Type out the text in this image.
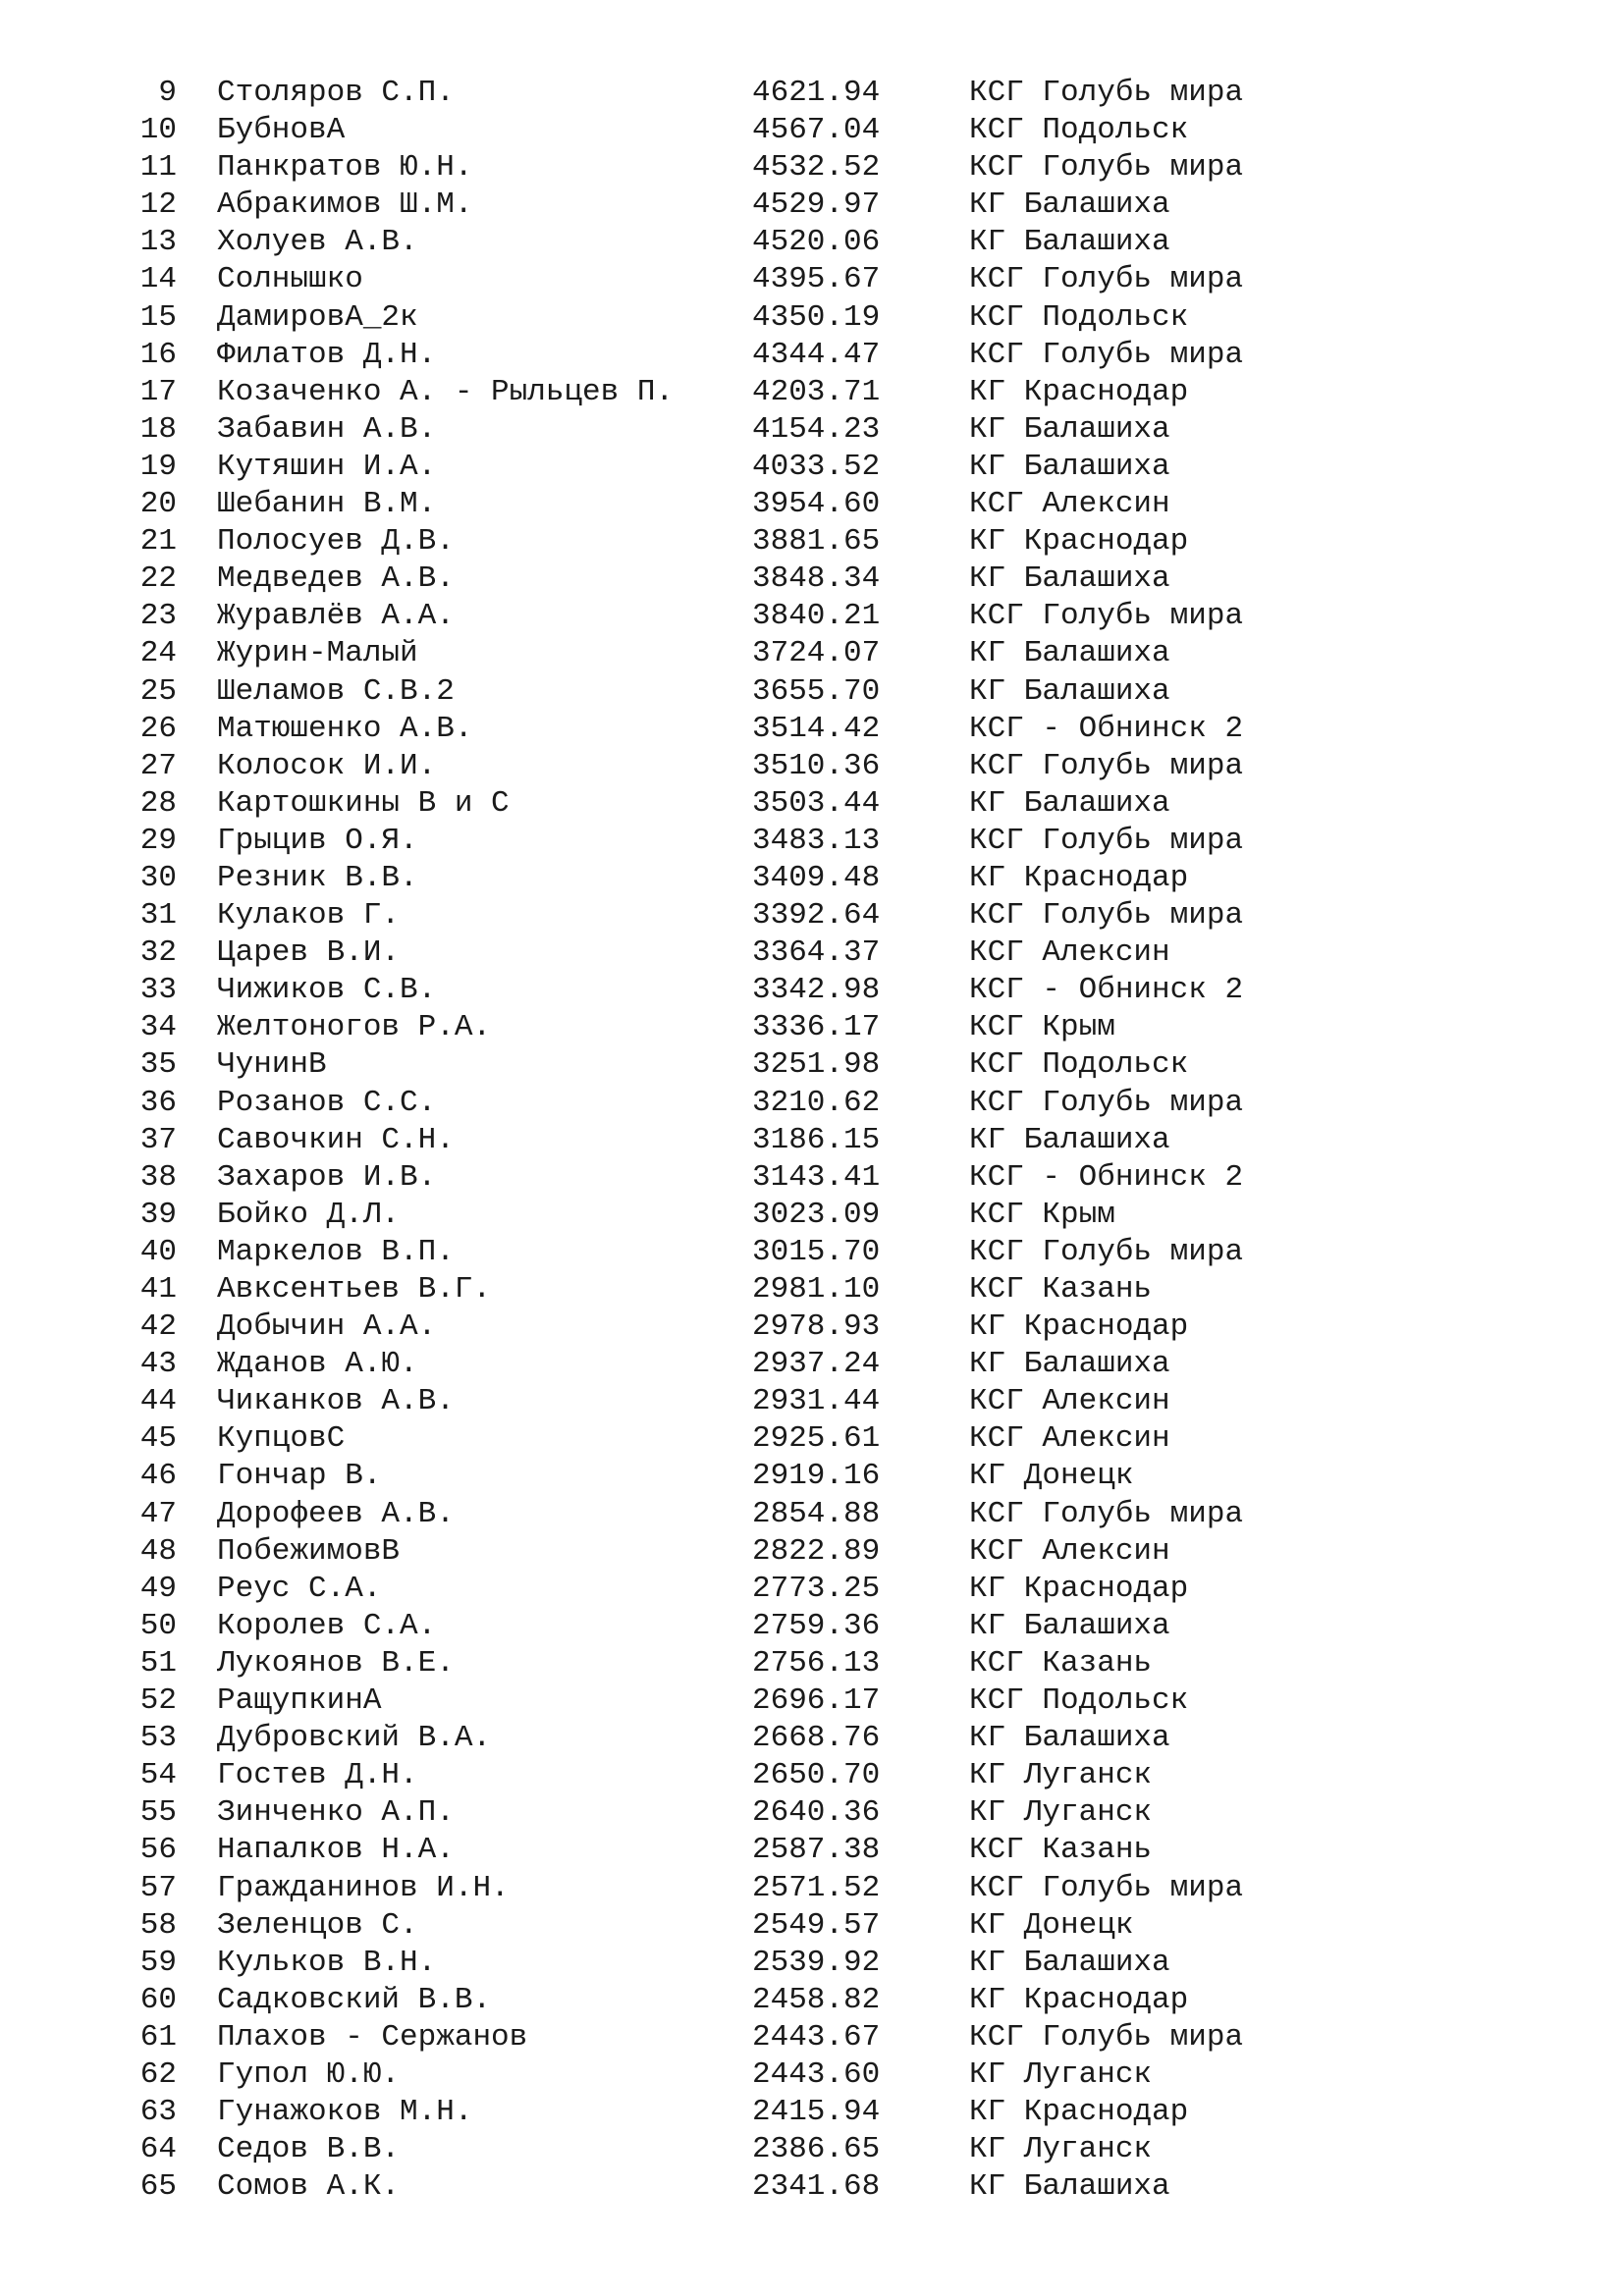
9 Столяров С.П.	4621.94	КСГ Голубь мира
10 БубновА	4567.04	КСГ Подольск
11 Панкратов Ю.Н.	4532.52	КСГ Голубь мира
12 Абракимов Ш.М.	4529.97	КГ Балашиха
13 Холуев А.В.	4520.06	КГ Балашиха
14 Солнышко	4395.67	КСГ Голубь мира
15 ДамировА_2к	4350.19	КСГ Подольск
16 Филатов Д.Н.	4344.47	КСГ Голубь мира
17 Козаченко А. - Рыльцев П.	4203.71	КГ Краснодар
18 Забавин А.В.	4154.23	КГ Балашиха
19 Кутяшин И.А.	4033.52	КГ Балашиха
20 Шебанин В.М.	3954.60	КСГ Алексин
21 Полосуев Д.В.	3881.65	КГ Краснодар
22 Медведев А.В.	3848.34	КГ Балашиха
23 Журавлёв А.А.	3840.21	КСГ Голубь мира
24 Журин-Малый	3724.07	КГ Балашиха
25 Шеламов С.В.2	3655.70	КГ Балашиха
26 Матюшенко А.В.	3514.42	КСГ - Обнинск 2
27 Колосок И.И.	3510.36	КСГ Голубь мира
28 Картошкины В и С	3503.44	КГ Балашиха
29 Грыцив О.Я.	3483.13	КСГ Голубь мира
30 Резник В.В.	3409.48	КГ Краснодар
31 Кулаков Г.	3392.64	КСГ Голубь мира
32 Царев В.И.	3364.37	КСГ Алексин
33 Чижиков С.В.	3342.98	КСГ - Обнинск 2
34 Желтоногов Р.А.	3336.17	КСГ Крым
35 ЧунинВ	3251.98	КСГ Подольск
36 Розанов С.С.	3210.62	КСГ Голубь мира
37 Савочкин С.Н.	3186.15	КГ Балашиха
38 Захаров И.В.	3143.41	КСГ - Обнинск 2
39 Бойко Д.Л.	3023.09	КСГ Крым
40 Маркелов В.П.	3015.70	КСГ Голубь мира
41 Авксентьев В.Г.	2981.10	КСГ Казань
42 Добычин А.А.	2978.93	КГ Краснодар
43 Жданов А.Ю.	2937.24	КГ Балашиха
44 Чиканков А.В.	2931.44	КСГ Алексин
45 КупцовС	2925.61	КСГ Алексин
46 Гончар В.	2919.16	КГ Донецк
47 Дорофеев А.В.	2854.88	КСГ Голубь мира
48 ПобежимовВ	2822.89	КСГ Алексин
49 Реус С.А.	2773.25	КГ Краснодар
50 Королев С.А.	2759.36	КГ Балашиха
51 Лукоянов В.Е.	2756.13	КСГ Казань
52 РащупкинА	2696.17	КСГ Подольск
53 Дубровский В.А.	2668.76	КГ Балашиха
54 Гостев Д.Н.	2650.70	КГ Луганск
55 Зинченко А.П.	2640.36	КГ Луганск
56 Напалков Н.А.	2587.38	КСГ Казань
57 Гражданинов И.Н.	2571.52	КСГ Голубь мира
58 Зеленцов С.	2549.57	КГ Донецк
59 Кульков В.Н.	2539.92	КГ Балашиха
60 Садковский В.В.	2458.82	КГ Краснодар
61 Плахов - Сержанов	2443.67	КСГ Голубь мира
62 Гупол Ю.Ю.	2443.60	КГ Луганск
63 Гунажоков М.Н.	2415.94	КГ Краснодар
64 Седов В.В.	2386.65	КГ Луганск
65 Сомов А.К.	2341.68	КГ Балашиха
